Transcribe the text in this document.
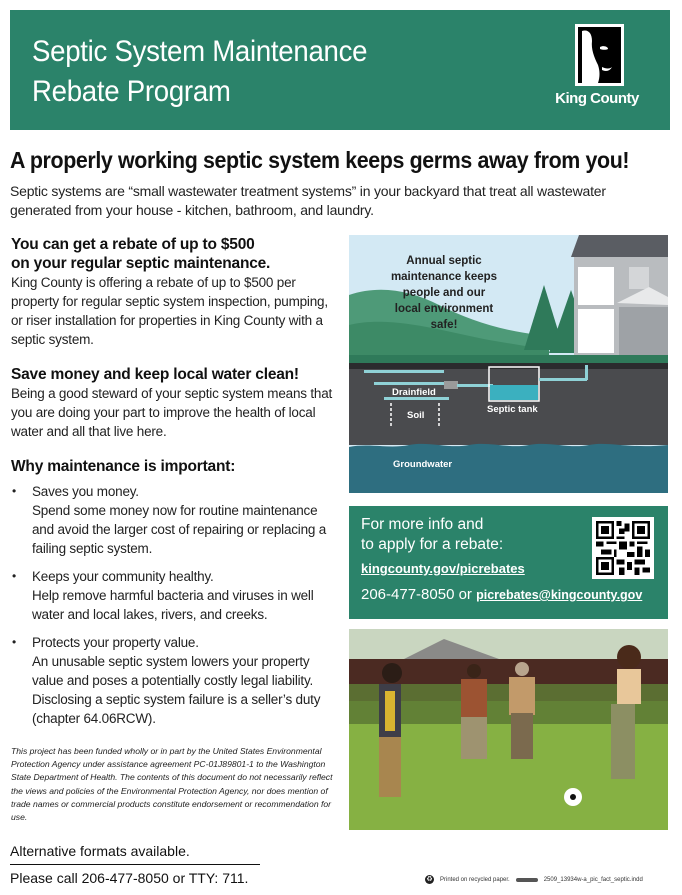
Septic System Maintenance
Rebate Program	King County
A properly working septic system keeps germs away from you!
Septic systems are “small wastewater treatment systems” in your backyard that treat all wastewater generated from your house - kitchen, bathroom, and laundry.
You can get a rebate of up to $500
on your regular septic maintenance.
King County is offering a rebate of up to $500 per property for regular septic system inspection, pumping, or riser installation for properties in King County with a septic system.
Save money and keep local water clean!
Being a good steward of your septic system means that you are doing your part to improve the health of local water and all that live here.
Why maintenance is important:
• Saves you money.
Spend some money now for routine maintenance and avoid the larger cost of repairing or replacing a failing septic system.
• Keeps your community healthy.
Help remove harmful bacteria and viruses in well water and local lakes, rivers, and creeks.
• Protects your property value.
An unusable septic system lowers your property value and poses a potentially costly legal liability. Disclosing a septic system failure is a seller’s duty (chapter 64.06RCW).
This project has been funded wholly or in part by the United States Environmental Protection Agency under assistance agreement PC-01J89801-1 to the Washington State Department of Health. The contents of this document do not necessarily reflect the views and policies of the Environmental Protection Agency, nor does mention of trade names or commercial products constitute endorsement or recommendation for use.
Annual septic maintenance keeps people and our local environment safe!
Drainfield
Soil
Septic tank
Groundwater
For more info and
to apply for a rebate:
kingcounty.gov/picrebates
206-477-8050 or picrebates@kingcounty.gov
Alternative formats available.
Please call 206-477-8050 or TTY: 711.	♻ Printed on recycled paper.	2509_13934w-a_pic_fact_septic.indd
